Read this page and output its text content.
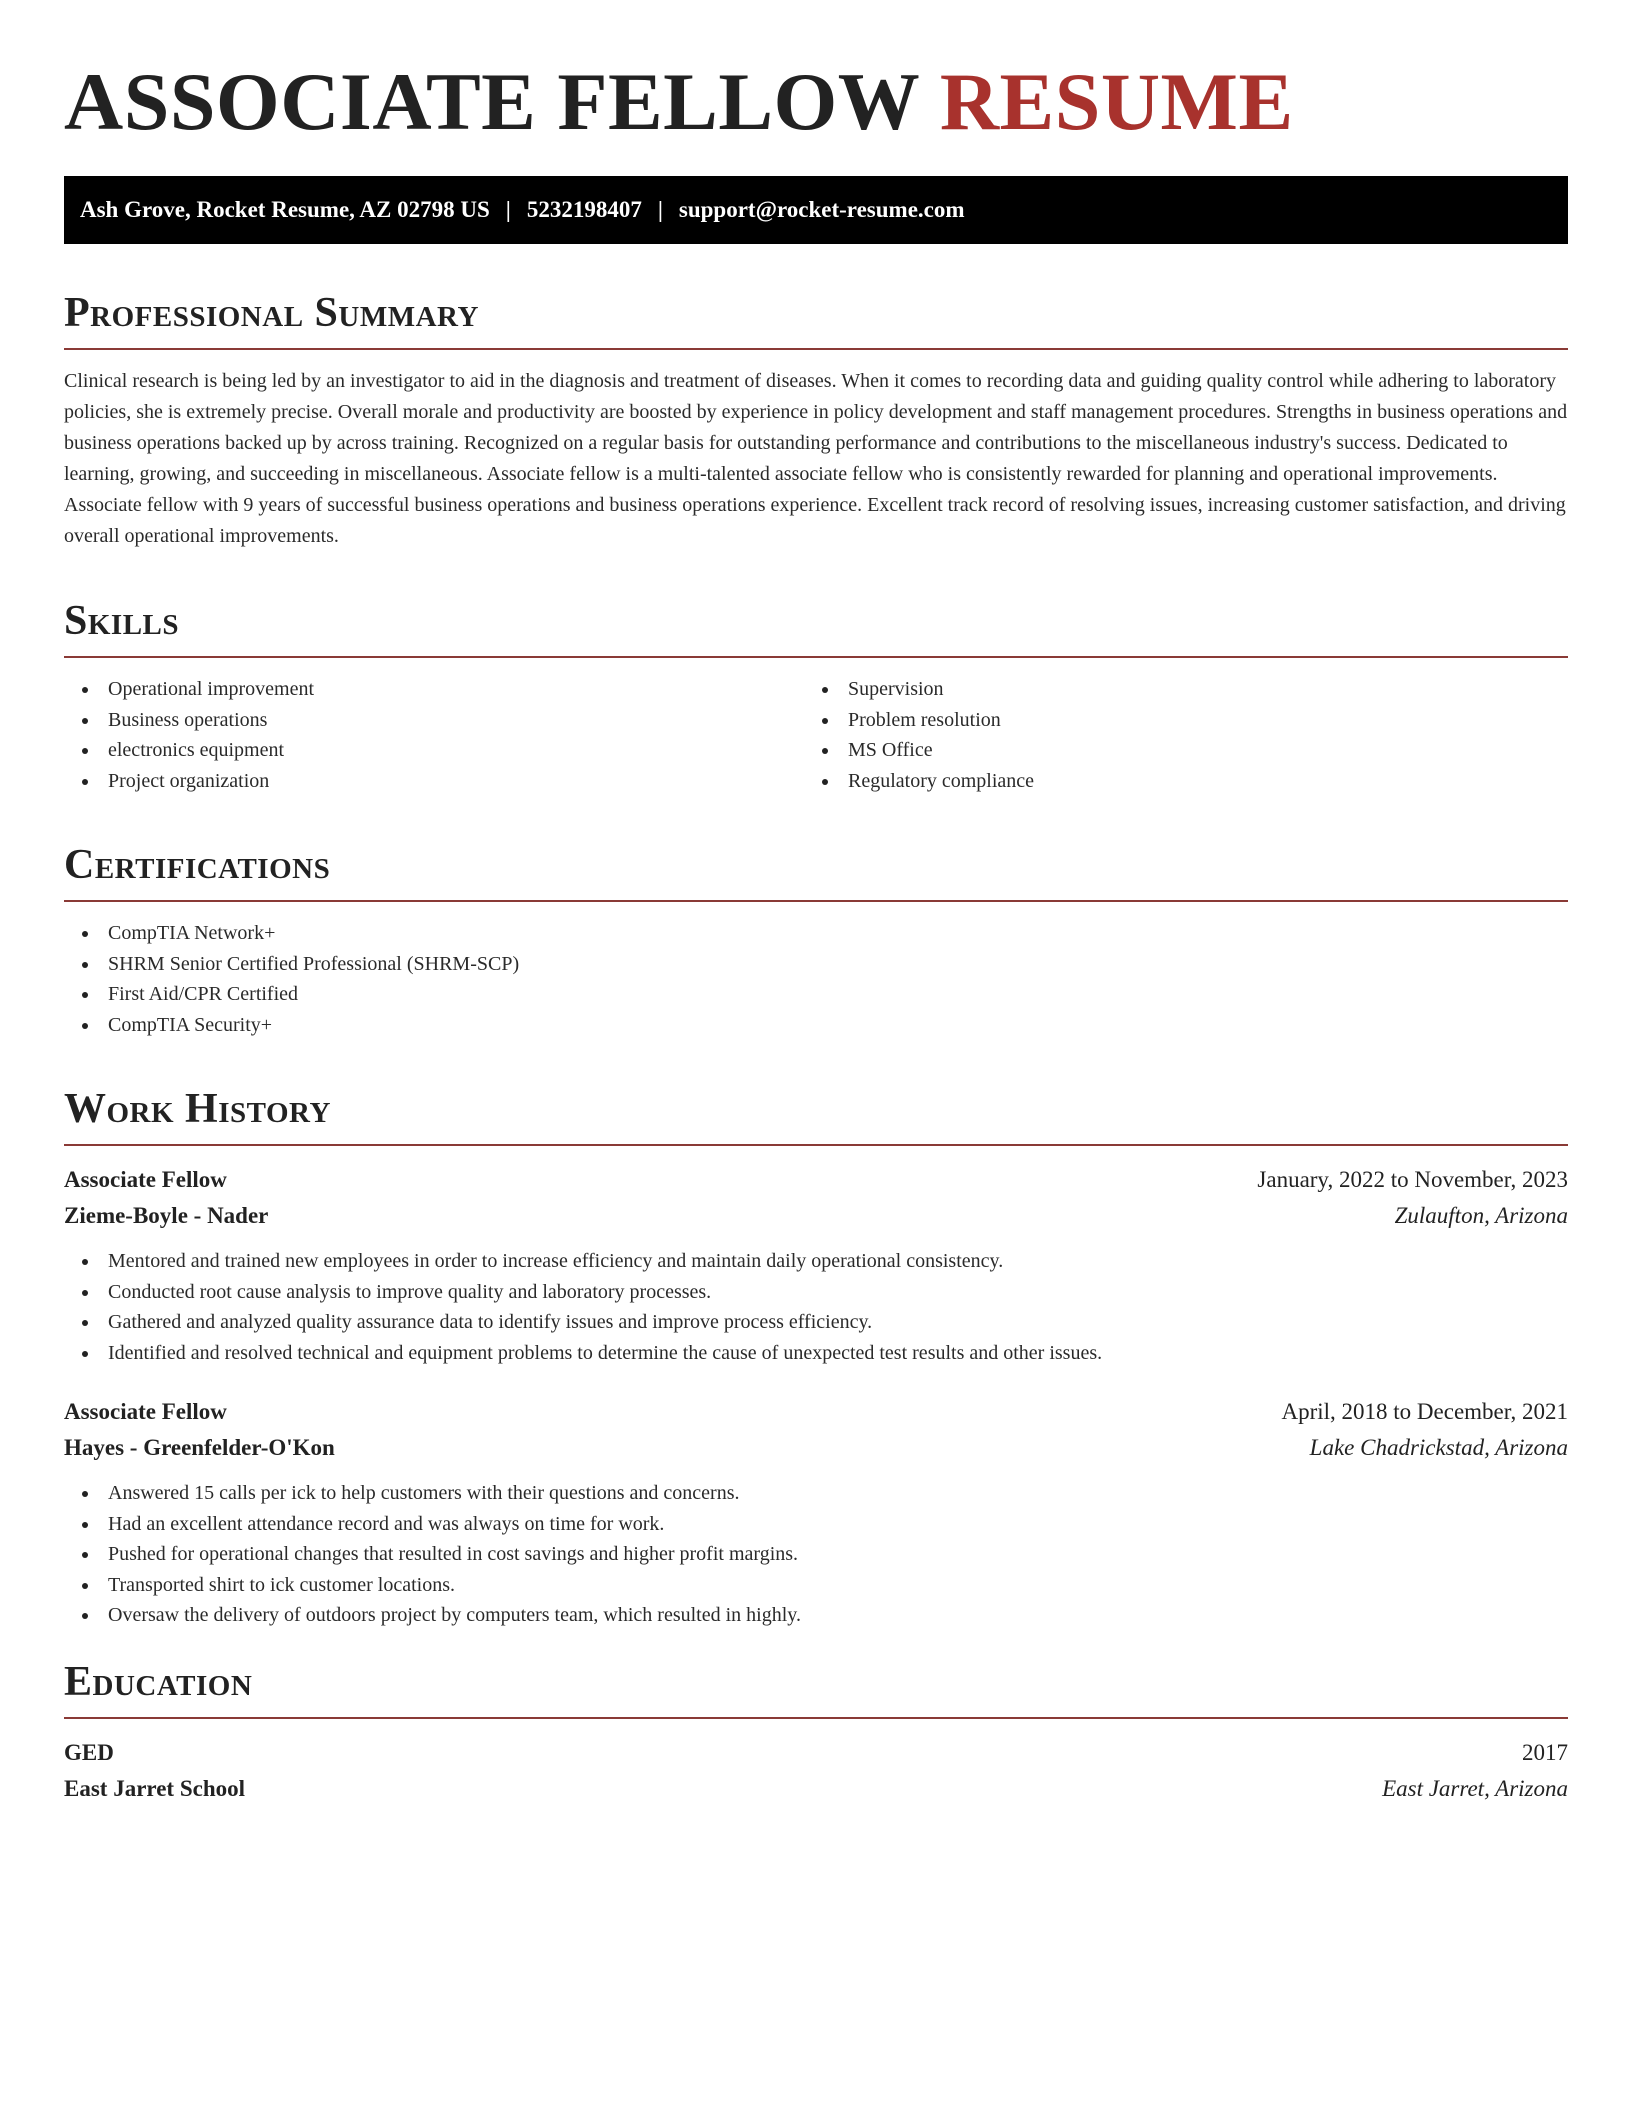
ASSOCIATE FELLOW RESUME
Ash Grove, Rocket Resume, AZ 02798 US | 5232198407 | support@rocket-resume.com
Professional Summary

Clinical research is being led by an investigator to aid in the diagnosis and treatment of diseases. When it comes to recording data and guiding quality control while adhering to laboratory policies, she is extremely precise. Overall morale and productivity are boosted by experience in policy development and staff management procedures. Strengths in business operations and business operations backed up by across training. Recognized on a regular basis for outstanding performance and contributions to the miscellaneous industry's success. Dedicated to learning, growing, and succeeding in miscellaneous. Associate fellow is a multi-talented associate fellow who is consistently rewarded for planning and operational improvements. Associate fellow with 9 years of successful business operations and business operations experience. Excellent track record of resolving issues, increasing customer satisfaction, and driving overall operational improvements.

Skills
Operational improvement
Business operations
electronics equipment
Project organization
Supervision
Problem resolution
MS Office
Regulatory compliance
Certifications
CompTIA Network+
SHRM Senior Certified Professional (SHRM-SCP)
First Aid/CPR Certified
CompTIA Security+
Work History
Associate Fellow	January, 2022 to November, 2023
Zieme-Boyle - Nader	Zulaufton, Arizona
Mentored and trained new employees in order to increase efficiency and maintain daily operational consistency.
Conducted root cause analysis to improve quality and laboratory processes.
Gathered and analyzed quality assurance data to identify issues and improve process efficiency.
Identified and resolved technical and equipment problems to determine the cause of unexpected test results and other issues.
Associate Fellow	April, 2018 to December, 2021
Hayes - Greenfelder-O'Kon	Lake Chadrickstad, Arizona
Answered 15 calls per ick to help customers with their questions and concerns.
Had an excellent attendance record and was always on time for work.
Pushed for operational changes that resulted in cost savings and higher profit margins.
Transported shirt to ick customer locations.
Oversaw the delivery of outdoors project by computers team, which resulted in highly.
Education
GED	2017
East Jarret School	East Jarret, Arizona
